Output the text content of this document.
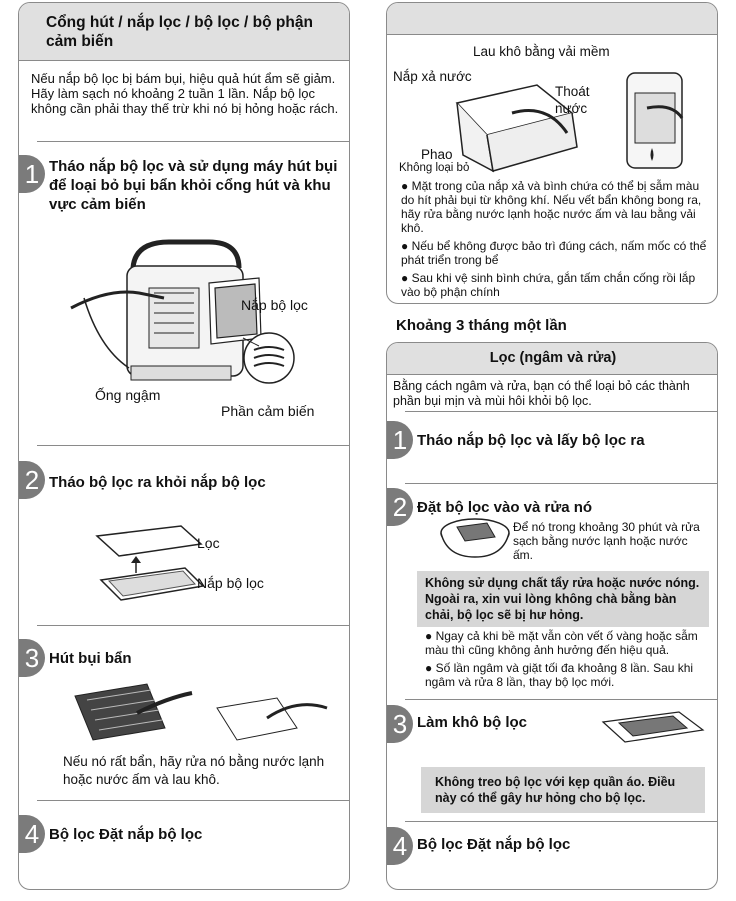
Cổng hút / nắp lọc / bộ lọc / bộ phận cảm biến
Nếu nắp bộ lọc bị bám bụi, hiệu quả hút ẩm sẽ giảm. Hãy làm sạch nó khoảng 2 tuần 1 lần. Nắp bộ lọc không cần phải thay thế trừ khi nó bị hỏng hoặc rách.
1 Tháo nắp bộ lọc và sử dụng máy hút bụi để loại bỏ bụi bẩn khỏi cổng hút và khu vực cảm biến
Nắp bộ lọc
Ống ngậm
Phần cảm biến
2 Tháo bộ lọc ra khỏi nắp bộ lọc
Lọc
Nắp bộ lọc
3 Hút bụi bẩn
Nếu nó rất bẩn, hãy rửa nó bằng nước lạnh hoặc nước ấm và lau khô.
4 Bộ lọc Đặt nắp bộ lọc
Lau khô bằng vải mềm
Nắp xả nước
Thoát nước
Phao
Không loại bỏ
● Mặt trong của nắp xả và bình chứa có thể bị sẫm màu do hít phải bụi từ không khí. Nếu vết bẩn không bong ra, hãy rửa bằng nước lạnh hoặc nước ấm và lau bằng vải khô.
● Nếu bể không được bảo trì đúng cách, nấm mốc có thể phát triển trong bể
● Sau khi vệ sinh bình chứa, gắn tấm chắn cống rồi lắp vào bộ phận chính
Khoảng 3 tháng một lần
Lọc (ngâm và rửa)
Bằng cách ngâm và rửa, bạn có thể loại bỏ các thành phần bụi mịn và mùi hôi khỏi bộ lọc.
1 Tháo nắp bộ lọc và lấy bộ lọc ra
2 Đặt bộ lọc vào và rửa nó
Để nó trong khoảng 30 phút và rửa sạch bằng nước lạnh hoặc nước ấm.
Không sử dụng chất tẩy rửa hoặc nước nóng. Ngoài ra, xin vui lòng không chà bằng bàn chải, bộ lọc sẽ bị hư hỏng.
● Ngay cả khi bề mặt vẫn còn vết ố vàng hoặc sẫm màu thì cũng không ảnh hưởng đến hiệu quả.
● Số lần ngâm và giặt tối đa khoảng 8 lần. Sau khi ngâm và rửa 8 lần, thay bộ lọc mới.
3 Làm khô bộ lọc
Không treo bộ lọc với kẹp quần áo. Điều này có thể gây hư hỏng cho bộ lọc.
4 Bộ lọc Đặt nắp bộ lọc
